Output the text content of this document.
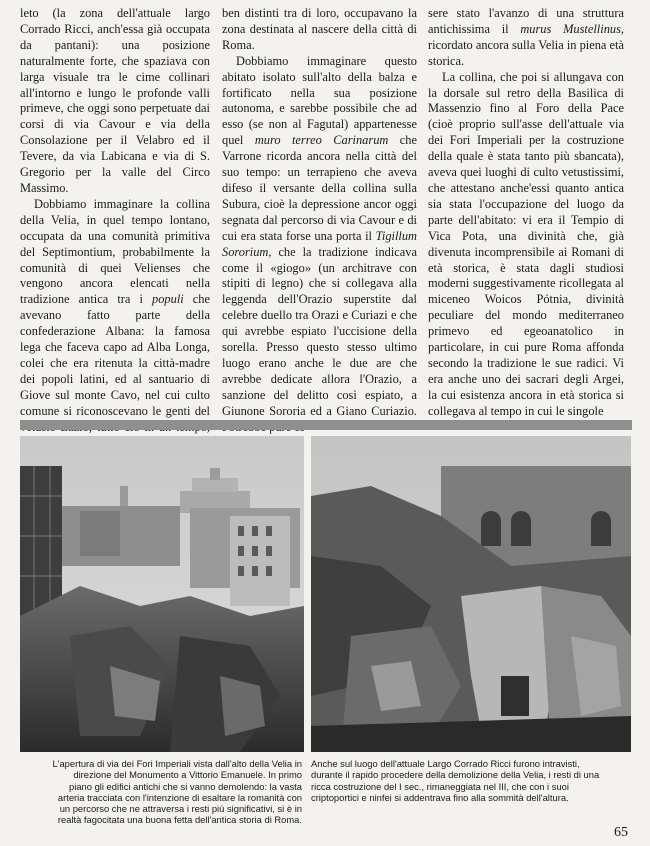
leto (la zona dell'attuale largo Corrado Ricci, anch'essa già occupata da pantani): una posizione naturalmente forte, che spaziava con larga visuale tra le cime collinari all'intorno e lungo le profonde valli primeve, che oggi sono perpetuate dai corsi di via Cavour e via della Consolazione per il Velabro ed il Tevere, da via Labicana e via di S. Gregorio per la valle del Circo Massimo.

Dobbiamo immaginare la collina della Velia, in quel tempo lontano, occupata da una comunità primitiva del Septimontium, probabilmente la comunità di quei Velienses che vengono ancora elencati nella tradizione antica tra i populi che avevano fatto parte della confederazione Albana: la famosa lega che faceva capo ad Alba Longa, colei che era ritenuta la città-madre dei popoli latini, ed al santuario di Giove sul monte Cavo, nel cui culto comune si riconoscevano le genti del

ben distinti tra di loro, occupavano la zona destinata al nascere della città di Roma.

Dobbiamo immaginare questo abitato isolato sull'alto della balza e fortificato nella sua posizione autonoma, e sarebbe possibile che ad esso (se non al Fagutal) appartenesse quel muro terreo Carinarum che Varrone ricorda ancora nella città del suo tempo: un terrapieno che aveva difeso il versante della collina sulla Subura, cioè la depressione ancor oggi segnata dal percorso di via Cavour e di cui era stata forse una porta il Tigillum Sororium, che la tradizione indicava come il «giogo» (un architrave con stipiti di legno) che si collegava alla leggenda dell'Orazio superstite dal celebre duello tra Orazi e Curiazi e che qui avrebbe espiato l'uccisione della sorella. Presso questo stesso ultimo luogo erano anche le due are che avrebbe dedicate allora l'Orazio, a sanzione del delitto così espiato, a Giunone Sororia ed a Giano Curiazio.

sere stato l'avanzo di una struttura antichissima il murus Mustellinus, ricordato ancora sulla Velia in piena età storica.

La collina, che poi si allungava con la dorsale sul retro della Basilica di Massenzio fino al Foro della Pace (cioè proprio sull'asse dell'attuale via dei Fori Imperiali per la costruzione della quale è stata tanto più sbancata), aveva quei luoghi di culto vetustissimi, che attestano anche'essi quanto antica sia stata l'occupazione del luogo da parte dell'abitato: vi era il Tempio di Vica Pota, una divinità che, già divenuta incomprensibile ai Romani di età storica, è stata dagli studiosi moderni suggestivamente ricollegata al miceneo Woicos Pótnia, divinità peculiare del mondo mediterraneo primevo ed egeoanatolico in particolare, in cui pure Roma affonda secondo la tradizione le sue radici. Vi era anche uno dei sacrari degli Argei, la cui esistenza ancora in età storica si collegava al tempo in cui le singole

L'apertura di via dei Fori Imperiali vista dall'alto della Velia in direzione del Monumento a Vittorio Emanuele. In primo piano gli edifici antichi che si vanno demolendo: la vasta arteria tracciata con l'intenzione di esaltare la romanità con un percorso che ne attraversa i resti più significativi, si è in realtà fagocitata una buona fetta dell'antica storia di Roma.
Anche sul luogo dell'attuale Largo Corrado Ricci furono intravisti, durante il rapido procedere della demolizione della Velia, i resti di una ricca costruzione del I sec., rimaneggiata nel III, che con i suoi criptoportici e ninfei si addentrava fino alla sommità dell'altura.
65
